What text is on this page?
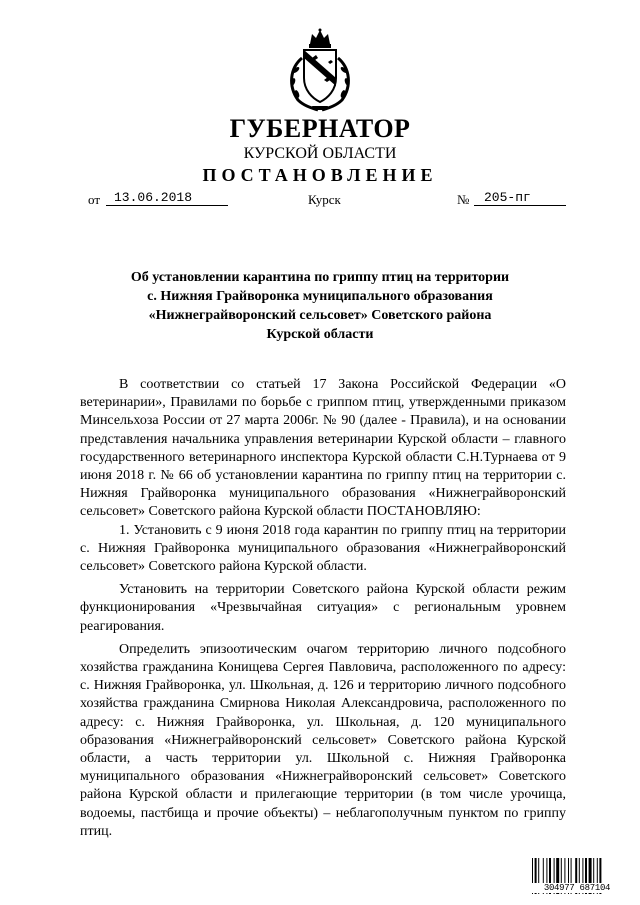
ГУБЕРНАТОР
КУРСКОЙ ОБЛАСТИ
ПОСТАНОВЛЕНИЕ
от	13.06.2018	Курск	№	205-пг
Об установлении карантина по гриппу птиц на территории
с. Нижняя Грайворонка муниципального образования
«Нижнеграйворонский сельсовет» Советского района
Курской области

В соответствии со статьей 17 Закона Российской Федерации «О ветеринарии», Правилами по борьбе с гриппом птиц, утвержденными приказом Минсельхоза России от 27 марта 2006г. № 90 (далее - Правила), и на основании представления начальника управления ветеринарии Курской области – главного государственного ветеринарного инспектора Курской области С.Н.Турнаева от 9 июня 2018 г. № 66 об установлении карантина по гриппу птиц на территории с. Нижняя Грайворонка муниципального образования «Нижнеграйворонский сельсовет» Советского района Курской области ПОСТАНОВЛЯЮ:

1. Установить с 9 июня 2018 года карантин по гриппу птиц на территории с. Нижняя Грайворонка муниципального образования «Нижнеграйворонский сельсовет» Советского района Курской области.

Установить на территории Советского района Курской области режим функционирования «Чрезвычайная ситуация» с региональным уровнем реагирования.

Определить эпизоотическим очагом территорию личного подсобного хозяйства гражданина Конищева Сергея Павловича, расположенного по адресу: с. Нижняя Грайворонка, ул. Школьная, д. 126 и территорию личного подсобного хозяйства гражданина Смирнова Николая Александровича, расположенного по адресу: с. Нижняя Грайворонка, ул. Школьная, д. 120 муниципального образования «Нижнеграйворонский сельсовет» Советского района Курской области, а часть территории ул. Школьной с. Нижняя Грайворонка муниципального образования «Нижнеграйворонский сельсовет» Советского района Курской области и прилегающие территории (в том числе урочища, водоемы, пастбища и прочие объекты) – неблагополучным пунктом по гриппу птиц.

304977 687104
